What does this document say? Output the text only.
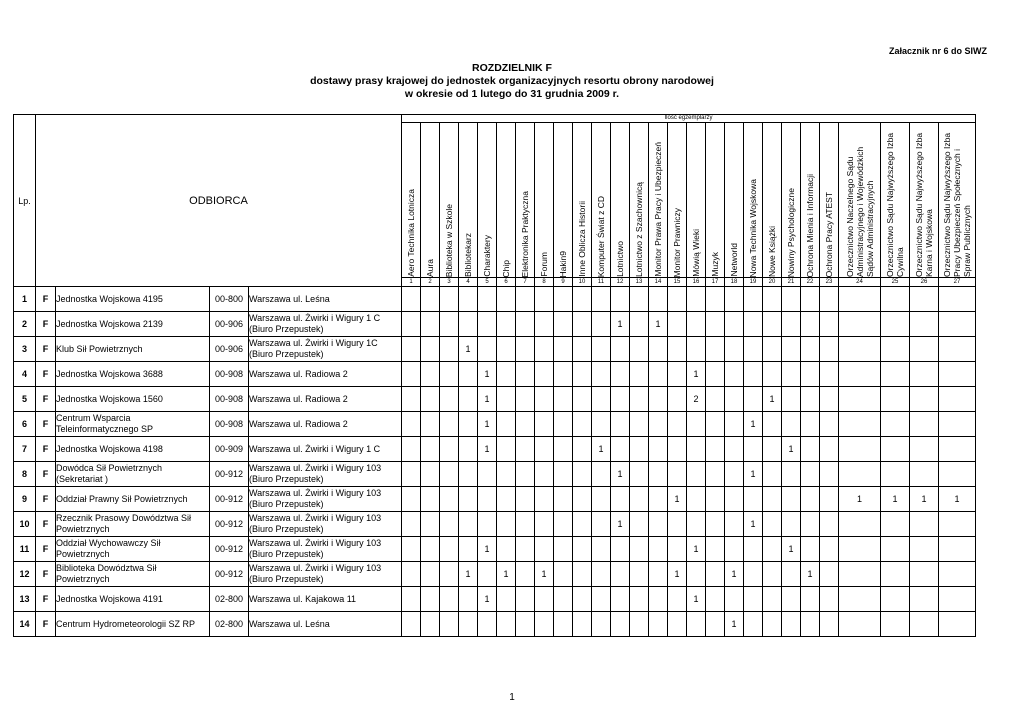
Załacznik nr 6 do SIWZ
ROZDZIELNIK F
dostawy prasy krajowej do jednostek organizacyjnych resortu obrony narodowej
w okresie od 1 lutego do 31 grudnia 2009 r.
Lp.	ODBIORCA				Ilość egzemplarzy																										

					Aero Technika Lotnicza	Aura	Biblioteka w Szkole	Bibliotekarz	Charaktery	Chip	Elektronika Praktyczna	Forum	Hakin9	Inne Oblicza Historii	Komputer Świat z CD	Lotnictwo	Lotnictwo z Szachownicą	Monitor Prawa Pracy i Ubezpieczeń	Monitor Prawniczy	Mówią Wieki	Muzyk	Networld	Nowa Technika Wojskowa	Nowe Książki	Nowiny Psychologiczne	Ochrona Mienia i Informacji	Ochrona Pracy ATEST	Orzecznictwo Naczelnego Sądu Administracyjnego i Wojewódzkich Sądów Administracyjnych	Orzecznictwo Sądu Najwyższego Izba Cywilna	Orzecznictwo Sądu Najwyższego Izba Karna i Wojskowa	Orzecznictwo Sądu Najwyższego Izba Pracy Ubezpieczeń Społecznych i Spraw Publicznych

					1	2	3	4	5	6	7	8	9	10	11	12	13	14	15	16	17	18	19	20	21	22	23	24	25	26	27
1	F	Jednostka Wojskowa 4195	00-800	Warszawa ul. Leśna																											
2	F	Jednostka Wojskowa 2139	00-906	Warszawa ul. Żwirki i Wigury 1 C (Biuro Przepustek)												1		1													
3	F	Klub Sił Powietrznych	00-906	Warszawa ul. Żwirki i Wigury 1C (Biuro Przepustek)				1																							
4	F	Jednostka Wojskowa 3688	00-908	Warszawa ul. Radiowa 2					1											1											
5	F	Jednostka Wojskowa 1560	00-908	Warszawa ul. Radiowa 2					1											2				1							
6	F	Centrum Wsparcia Teleinformatycznego SP	00-908	Warszawa ul. Radiowa 2					1														1								
7	F	Jednostka Wojskowa 4198	00-909	Warszawa ul. Żwirki i Wigury 1 C					1						1										1						
8	F	Dowódca Sił Powietrznych (Sekretariat )	00-912	Warszawa ul. Żwirki i Wigury 103 (Biuro Przepustek)												1							1								
9	F	Oddział Prawny Sił Powietrznych	00-912	Warszawa ul. Żwirki i Wigury 103 (Biuro Przepustek)															1									1	1	1	1
10	F	Rzecznik Prasowy Dowództwa Sił Powietrznych	00-912	Warszawa ul. Żwirki i Wigury 103 (Biuro Przepustek)												1							1								
11	F	Oddział Wychowawczy Sił Powietrznych	00-912	Warszawa ul. Żwirki i Wigury 103 (Biuro Przepustek)					1											1					1						
12	F	Biblioteka Dowództwa Sił Powietrznych	00-912	Warszawa ul. Żwirki i Wigury 103 (Biuro Przepustek)				1		1		1							1			1				1					
13	F	Jednostka Wojskowa 4191	02-800	Warszawa ul. Kajakowa 11					1											1											
14	F	Centrum Hydrometeorologii SZ RP	02-800	Warszawa ul. Leśna																		1									
1
